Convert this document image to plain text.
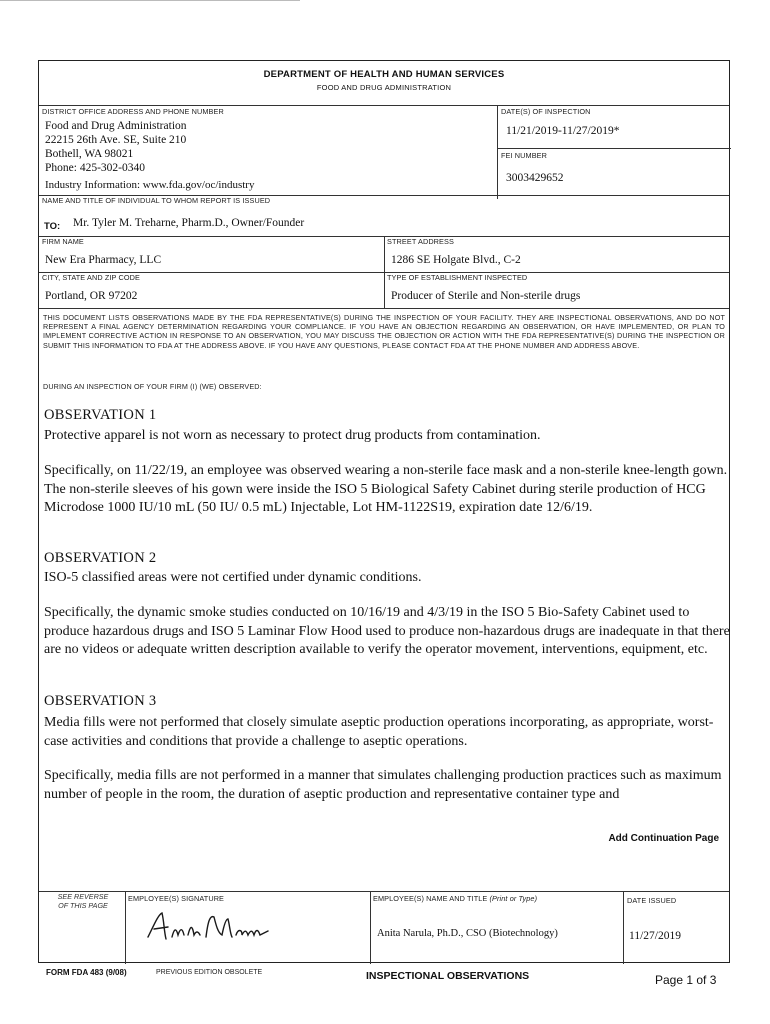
DEPARTMENT OF HEALTH AND HUMAN SERVICES
FOOD AND DRUG ADMINISTRATION
DISTRICT OFFICE ADDRESS AND PHONE NUMBER
Food and Drug Administration
22215 26th Ave. SE, Suite 210
Bothell, WA 98021
Phone: 425-302-0340
Industry Information: www.fda.gov/oc/industry
DATE(S) OF INSPECTION
11/21/2019-11/27/2019*
FEI NUMBER
3003429652
NAME AND TITLE OF INDIVIDUAL TO WHOM REPORT IS ISSUED
TO: Mr. Tyler M. Treharne, Pharm.D., Owner/Founder
FIRM NAME
New Era Pharmacy, LLC
STREET ADDRESS
1286 SE Holgate Blvd., C-2
CITY, STATE AND ZIP CODE
Portland, OR 97202
TYPE OF ESTABLISHMENT INSPECTED
Producer of Sterile and Non-sterile drugs
THIS DOCUMENT LISTS OBSERVATIONS MADE BY THE FDA REPRESENTATIVE(S) DURING THE INSPECTION OF YOUR FACILITY. THEY ARE INSPECTIONAL OBSERVATIONS, AND DO NOT REPRESENT A FINAL AGENCY DETERMINATION REGARDING YOUR COMPLIANCE. IF YOU HAVE AN OBJECTION REGARDING AN OBSERVATION, OR HAVE IMPLEMENTED, OR PLAN TO IMPLEMENT CORRECTIVE ACTION IN RESPONSE TO AN OBSERVATION, YOU MAY DISCUSS THE OBJECTION OR ACTION WITH THE FDA REPRESENTATIVE(S) DURING THE INSPECTION OR SUBMIT THIS INFORMATION TO FDA AT THE ADDRESS ABOVE. IF YOU HAVE ANY QUESTIONS, PLEASE CONTACT FDA AT THE PHONE NUMBER AND ADDRESS ABOVE.
DURING AN INSPECTION OF YOUR FIRM (I) (WE) OBSERVED:
OBSERVATION 1
Protective apparel is not worn as necessary to protect drug products from contamination.
Specifically, on 11/22/19, an employee was observed wearing a non-sterile face mask and a non-sterile knee-length gown. The non-sterile sleeves of his gown were inside the ISO 5 Biological Safety Cabinet during sterile production of HCG Microdose 1000 IU/10 mL (50 IU/ 0.5 mL) Injectable, Lot HM-1122S19, expiration date 12/6/19.
OBSERVATION 2
ISO-5 classified areas were not certified under dynamic conditions.
Specifically, the dynamic smoke studies conducted on 10/16/19 and 4/3/19 in the ISO 5 Bio-Safety Cabinet used to produce hazardous drugs and ISO 5 Laminar Flow Hood used to produce non-hazardous drugs are inadequate in that there are no videos or adequate written description available to verify the operator movement, interventions, equipment, etc.
OBSERVATION 3
Media fills were not performed that closely simulate aseptic production operations incorporating, as appropriate, worst-case activities and conditions that provide a challenge to aseptic operations.
Specifically, media fills are not performed in a manner that simulates challenging production practices such as maximum number of people in the room, the duration of aseptic production and representative container type and
Add Continuation Page
SEE REVERSE OF THIS PAGE
EMPLOYEE(S) SIGNATURE	EMPLOYEE(S) NAME AND TITLE (Print or Type)
Anita Narula, Ph.D., CSO (Biotechnology)
DATE ISSUED
11/27/2019
FORM FDA 483 (9/08)	PREVIOUS EDITION OBSOLETE	INSPECTIONAL OBSERVATIONS	Page 1 of 3
